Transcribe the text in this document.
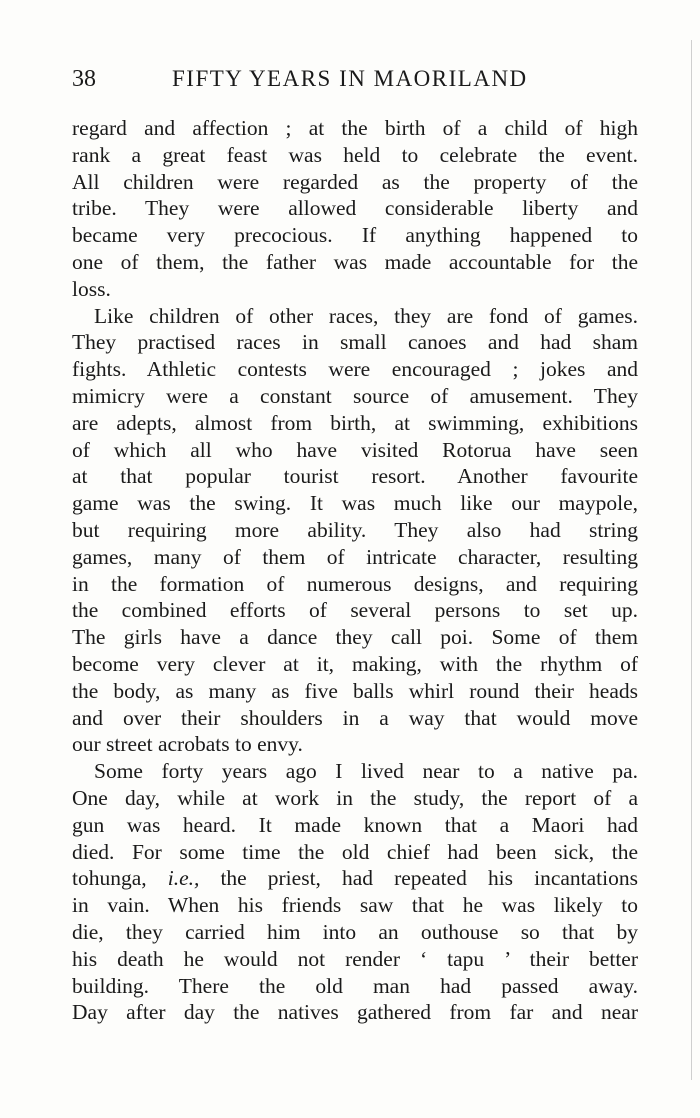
38	FIFTY YEARS IN MAORILAND
regard and affection ; at the birth of a child of high
rank a great feast was held to celebrate the event.
All children were regarded as the property of the
tribe. They were allowed considerable liberty and
became very precocious. If anything happened to
one of them, the father was made accountable for the
loss.
Like children of other races, they are fond of games.
They practised races in small canoes and had sham
fights. Athletic contests were encouraged ; jokes and
mimicry were a constant source of amusement. They
are adepts, almost from birth, at swimming, exhibitions
of which all who have visited Rotorua have seen
at that popular tourist resort. Another favourite
game was the swing. It was much like our maypole,
but requiring more ability. They also had string
games, many of them of intricate character, resulting
in the formation of numerous designs, and requiring
the combined efforts of several persons to set up.
The girls have a dance they call poi. Some of them
become very clever at it, making, with the rhythm of
the body, as many as five balls whirl round their heads
and over their shoulders in a way that would move
our street acrobats to envy.
Some forty years ago I lived near to a native pa.
One day, while at work in the study, the report of a
gun was heard. It made known that a Maori had
died. For some time the old chief had been sick, the
tohunga, i.e., the priest, had repeated his incantations
in vain. When his friends saw that he was likely to
die, they carried him into an outhouse so that by
his death he would not render ‘ tapu ’ their better
building. There the old man had passed away.
Day after day the natives gathered from far and near
